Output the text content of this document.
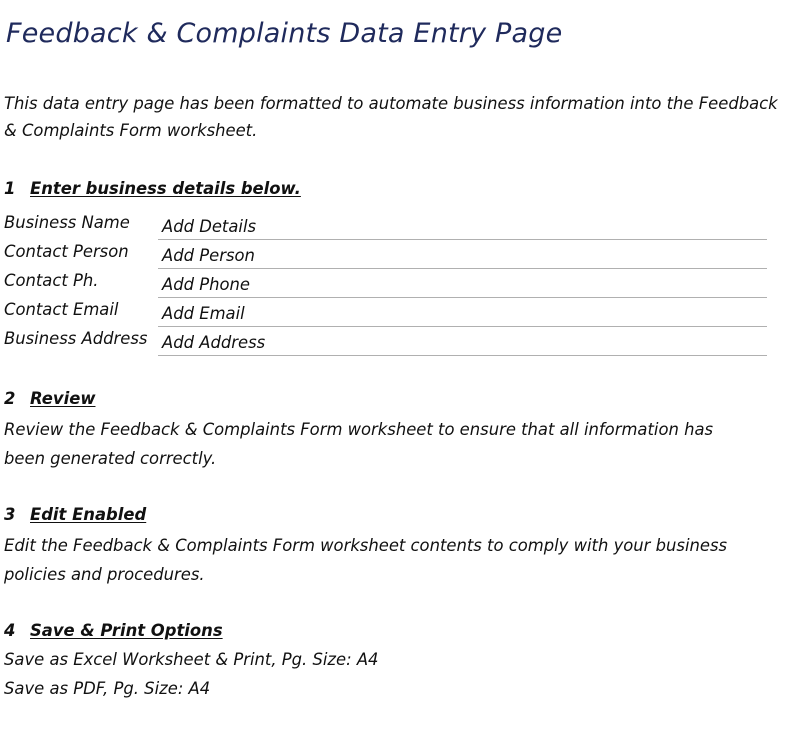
Feedback & Complaints Data Entry Page
This data entry page has been formatted to automate business information into the Feedback & Complaints Form worksheet.
1 Enter business details below.
Business Name Add Details
Contact Person Add Person
Contact Ph.	Add Phone
Contact Email	Add Email
Business Address Add Address
2 Review
Review the Feedback & Complaints Form worksheet to ensure that all information has been generated correctly.
3 Edit Enabled
Edit the Feedback & Complaints Form worksheet contents to comply with your business policies and procedures.
4 Save & Print Options
Save as Excel Worksheet & Print, Pg. Size: A4
Save as PDF, Pg. Size: A4
